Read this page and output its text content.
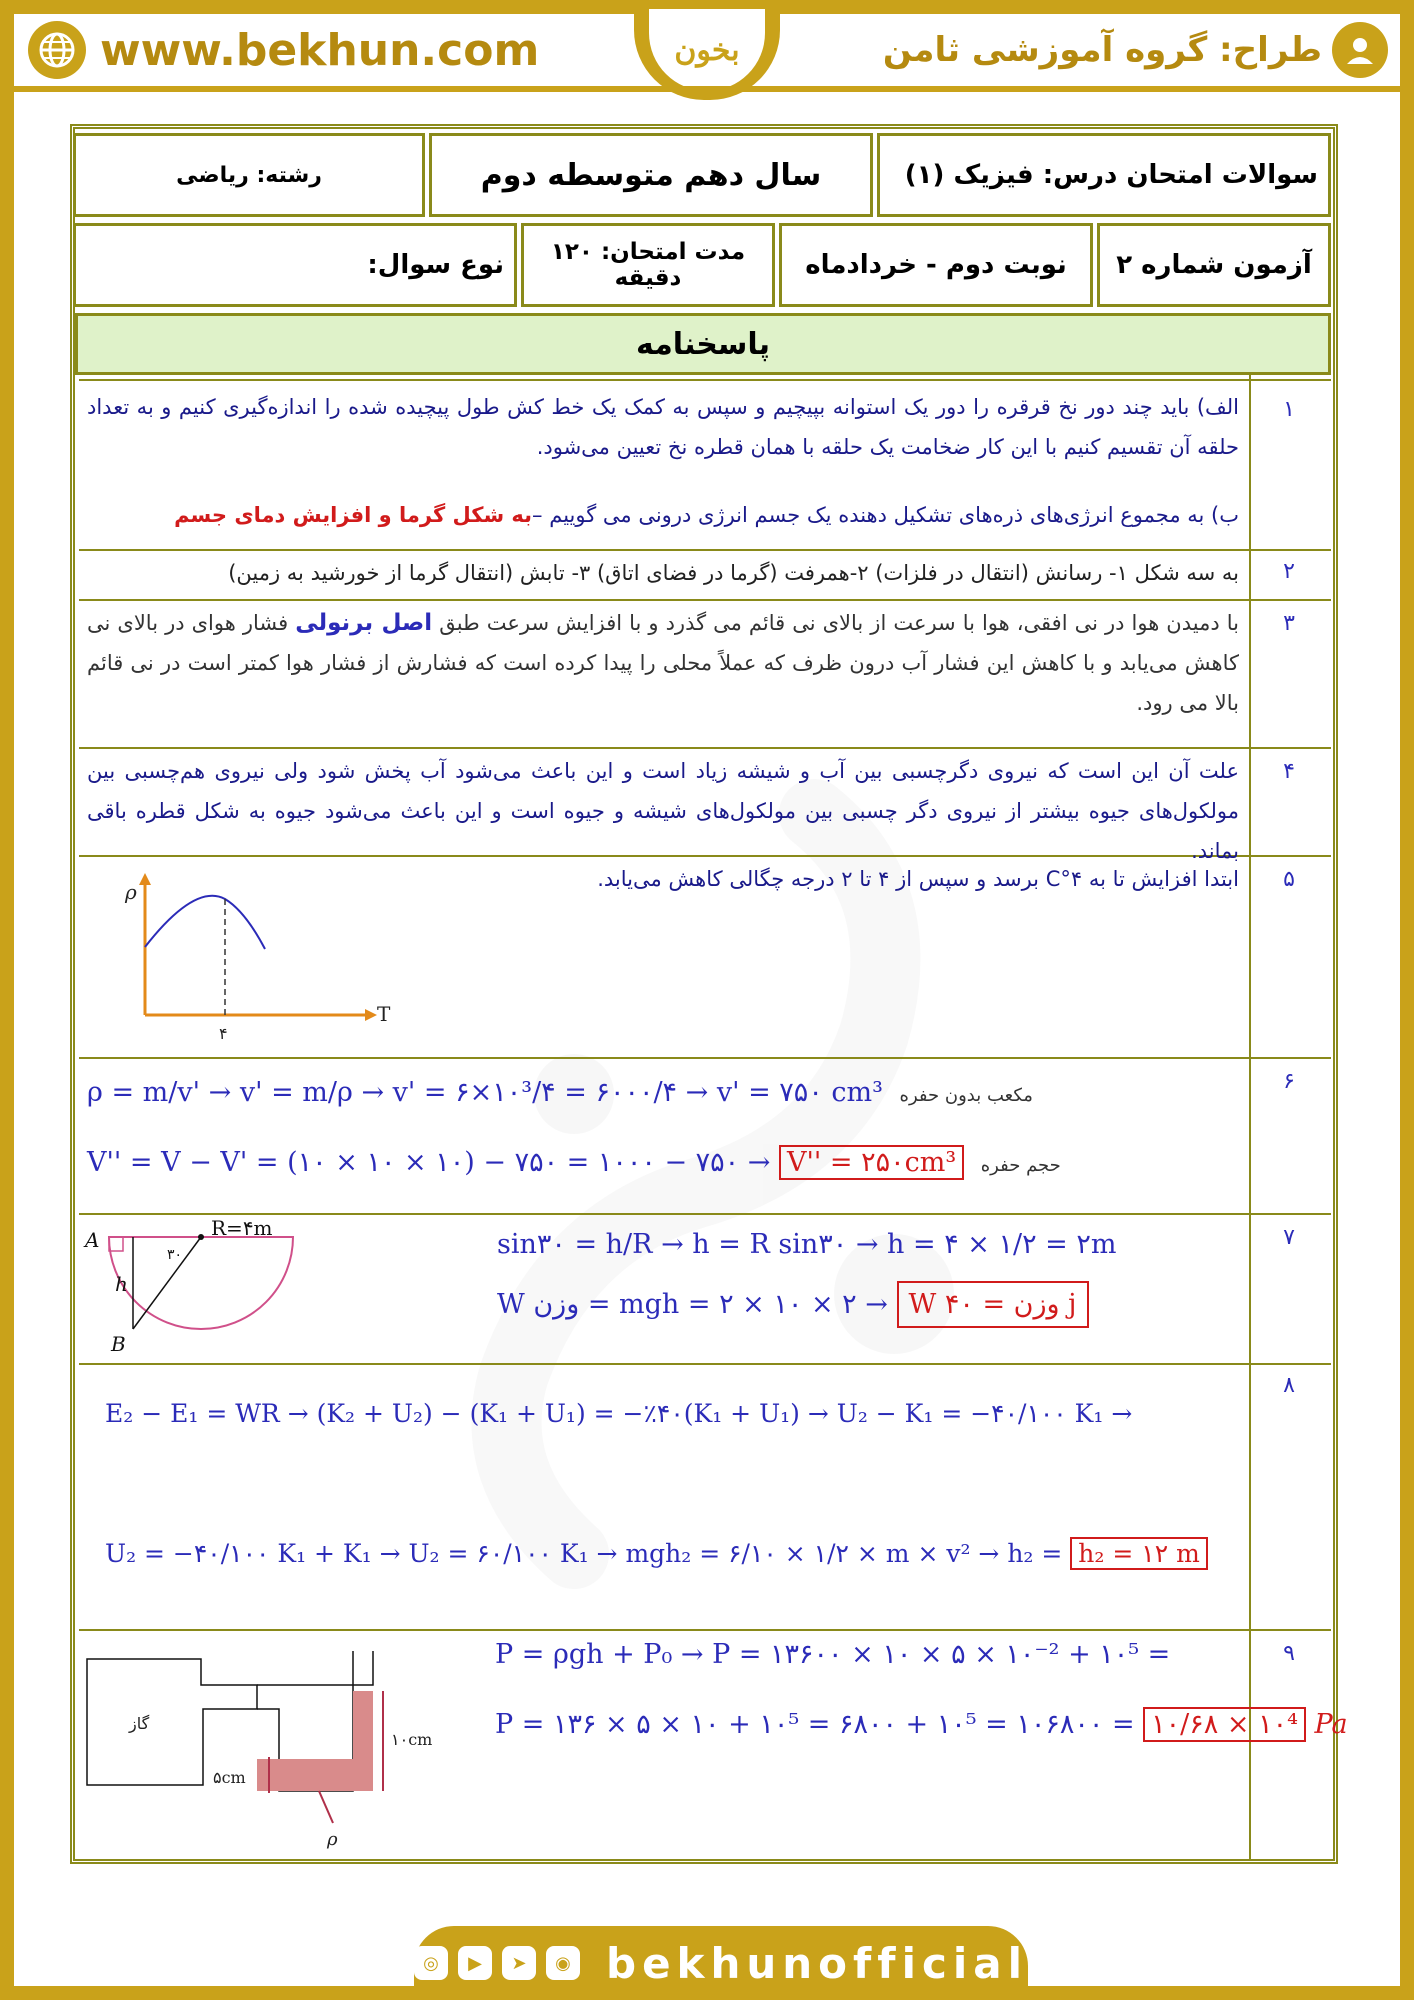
طراح: گروه آموزشی ثامن
بخون
www.bekhun.com
سوالات امتحان درس: فیزیک (۱)
سال دهم متوسطه دوم
رشته: ریاضی
آزمون شماره ۲
نوبت دوم - خردادماه
مدت امتحان: ۱۲۰ دقیقه
نوع سوال:
پاسخنامه
۱
الف) باید چند دور نخ قرقره را دور یک استوانه بپیچیم و سپس به کمک یک خط کش طول پیچیده شده را اندازه‌گیری کنیم و به تعداد حلقه آن تقسیم کنیم با این کار ضخامت یک حلقه با همان قطره نخ تعیین می‌شود.
ب) به مجموع انرژی‌های ذره‌های تشکیل دهنده یک جسم انرژی درونی می گوییم –به شکل گرما و افزایش دمای جسم
۲
به سه شکل ۱- رسانش (انتقال در فلزات) ۲-همرفت (گرما در فضای اتاق) ۳- تابش (انتقال گرما از خورشید به زمین)
۳
با دمیدن هوا در نی افقی، هوا با سرعت از بالای نی قائم می گذرد و با افزایش سرعت طبق اصل برنولی فشار هوای در بالای نی کاهش می‌یابد و با کاهش این فشار آب درون ظرف که عملاً محلی را پیدا کرده است که فشارش از فشار هوا کمتر است در نی قائم بالا می رود.
۴
علت آن این است که نیروی دگرچسبی بین آب و شیشه زیاد است و این باعث می‌شود آب پخش شود ولی نیروی هم‌چسبی بین مولکول‌های جیوه بیشتر از نیروی دگر چسبی بین مولکول‌های شیشه و جیوه است و این باعث می‌شود جیوه به شکل قطره باقی بماند.
۵
ابتدا افزایش تا به ۴°C برسد و سپس از ۴ تا ۲ درجه چگالی کاهش می‌یابد.
ρ
T
۴
۶
ρ = m/v' → v' = m/ρ → v' = ۶×۱۰³/۴ = ۶۰۰۰/۴ → v' = ۷۵۰ cm³ مکعب بدون حفره
V'' = V − V' = (۱۰ × ۱۰ × ۱۰) − ۷۵۰ = ۱۰۰۰ − ۷۵۰ → V'' = ۲۵۰cm³ حجم حفره
۷
R=۴m
A
B
h
۳۰	sin۳۰ = h/R → h = R sin۳۰ → h = ۴ × ۱/۲ = ۲m
W وزن = mgh = ۲ × ۱۰ × ۲ → W وزن = ۴۰ j
۸
E₂ − E₁ = WR → (K₂ + U₂) − (K₁ + U₁) = −٪۴۰(K₁ + U₁) → U₂ − K₁ = −۴۰/۱۰۰ K₁ →
U₂ = −۴۰/۱۰۰ K₁ + K₁ → U₂ = ۶۰/۱۰۰ K₁ → mgh₂ = ۶/۱۰ × ۱/۲ × m × v² → h₂ = h₂ = ۱۲ m
۹
گاز
۵cm
۱۰cm
ρ
P = ρgh + P₀ → P = ۱۳۶۰۰ × ۱۰ × ۵ × ۱۰⁻² + ۱۰⁵ =
P = ۱۳۶ × ۵ × ۱۰ + ۱۰⁵ = ۶۸۰۰ + ۱۰⁵ = ۱۰۶۸۰۰ = ۱۰/۶۸ × ۱۰⁴ Pa
◎	▶	➤	◉ bekhunofficial
